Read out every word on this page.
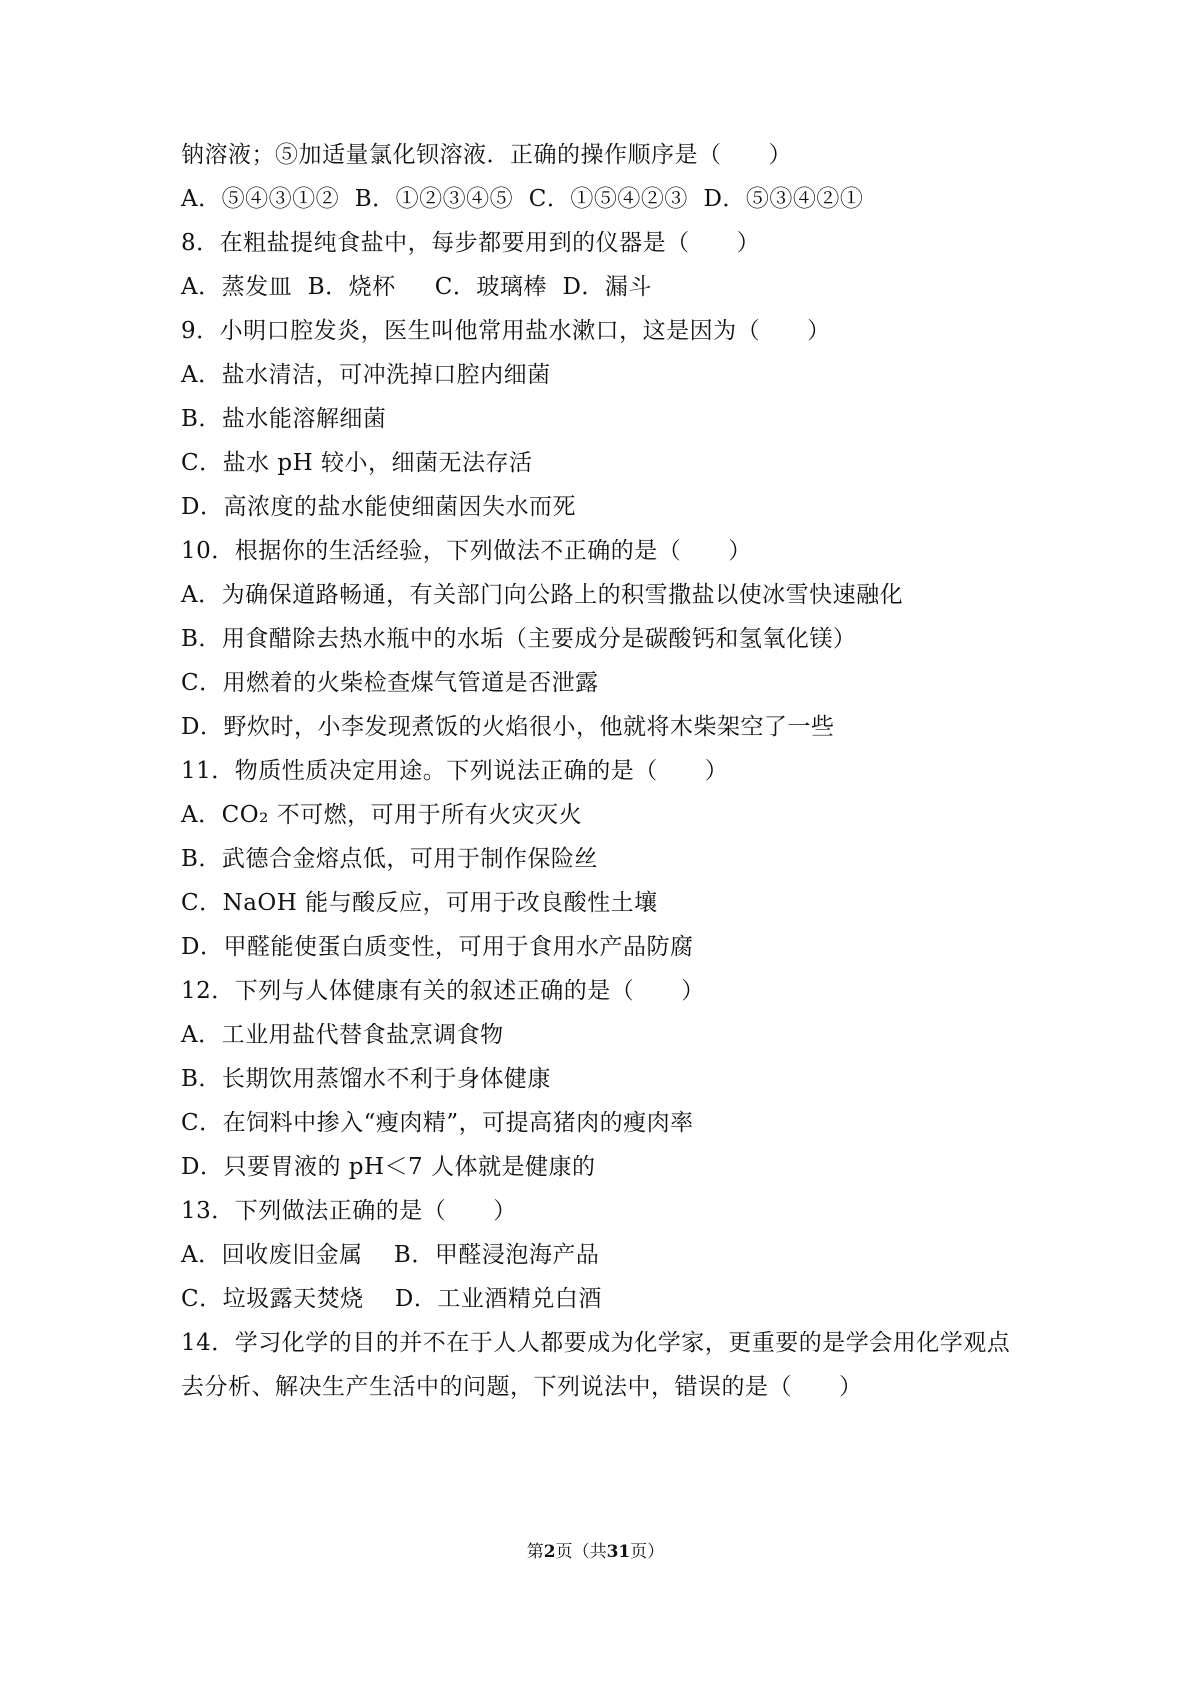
钠溶液；⑤加适量氯化钡溶液．正确的操作顺序是（　　）
A．⑤④③①②  B．①②③④⑤  C．①⑤④②③  D．⑤③④②①
8．在粗盐提纯食盐中，每步都要用到的仪器是（　　）
A．蒸发皿  B．烧杯　  C．玻璃棒  D．漏斗
9．小明口腔发炎，医生叫他常用盐水漱口，这是因为（　　）
A．盐水清洁，可冲洗掉口腔内细菌
B．盐水能溶解细菌
C．盐水 pH 较小，细菌无法存活
D．高浓度的盐水能使细菌因失水而死
10．根据你的生活经验，下列做法不正确的是（　　）
A．为确保道路畅通，有关部门向公路上的积雪撒盐以使冰雪快速融化
B．用食醋除去热水瓶中的水垢（主要成分是碳酸钙和氢氧化镁）
C．用燃着的火柴检查煤气管道是否泄露
D．野炊时，小李发现煮饭的火焰很小，他就将木柴架空了一些
11．物质性质决定用途。下列说法正确的是（　　）
A．CO₂ 不可燃，可用于所有火灾灭火
B．武德合金熔点低，可用于制作保险丝
C．NaOH 能与酸反应，可用于改良酸性土壤
D．甲醛能使蛋白质变性，可用于食用水产品防腐
12．下列与人体健康有关的叙述正确的是（　　）
A．工业用盐代替食盐烹调食物
B．长期饮用蒸馏水不利于身体健康
C．在饲料中掺入“瘦肉精”，可提高猪肉的瘦肉率
D．只要胃液的 pH＜7 人体就是健康的
13．下列做法正确的是（　　）
A．回收废旧金属　 B．甲醛浸泡海产品
C．垃圾露天焚烧　 D．工业酒精兑白酒
14．学习化学的目的并不在于人人都要成为化学家，更重要的是学会用化学观点
去分析、解决生产生活中的问题，下列说法中，错误的是（　　）
第2页（共31页）
